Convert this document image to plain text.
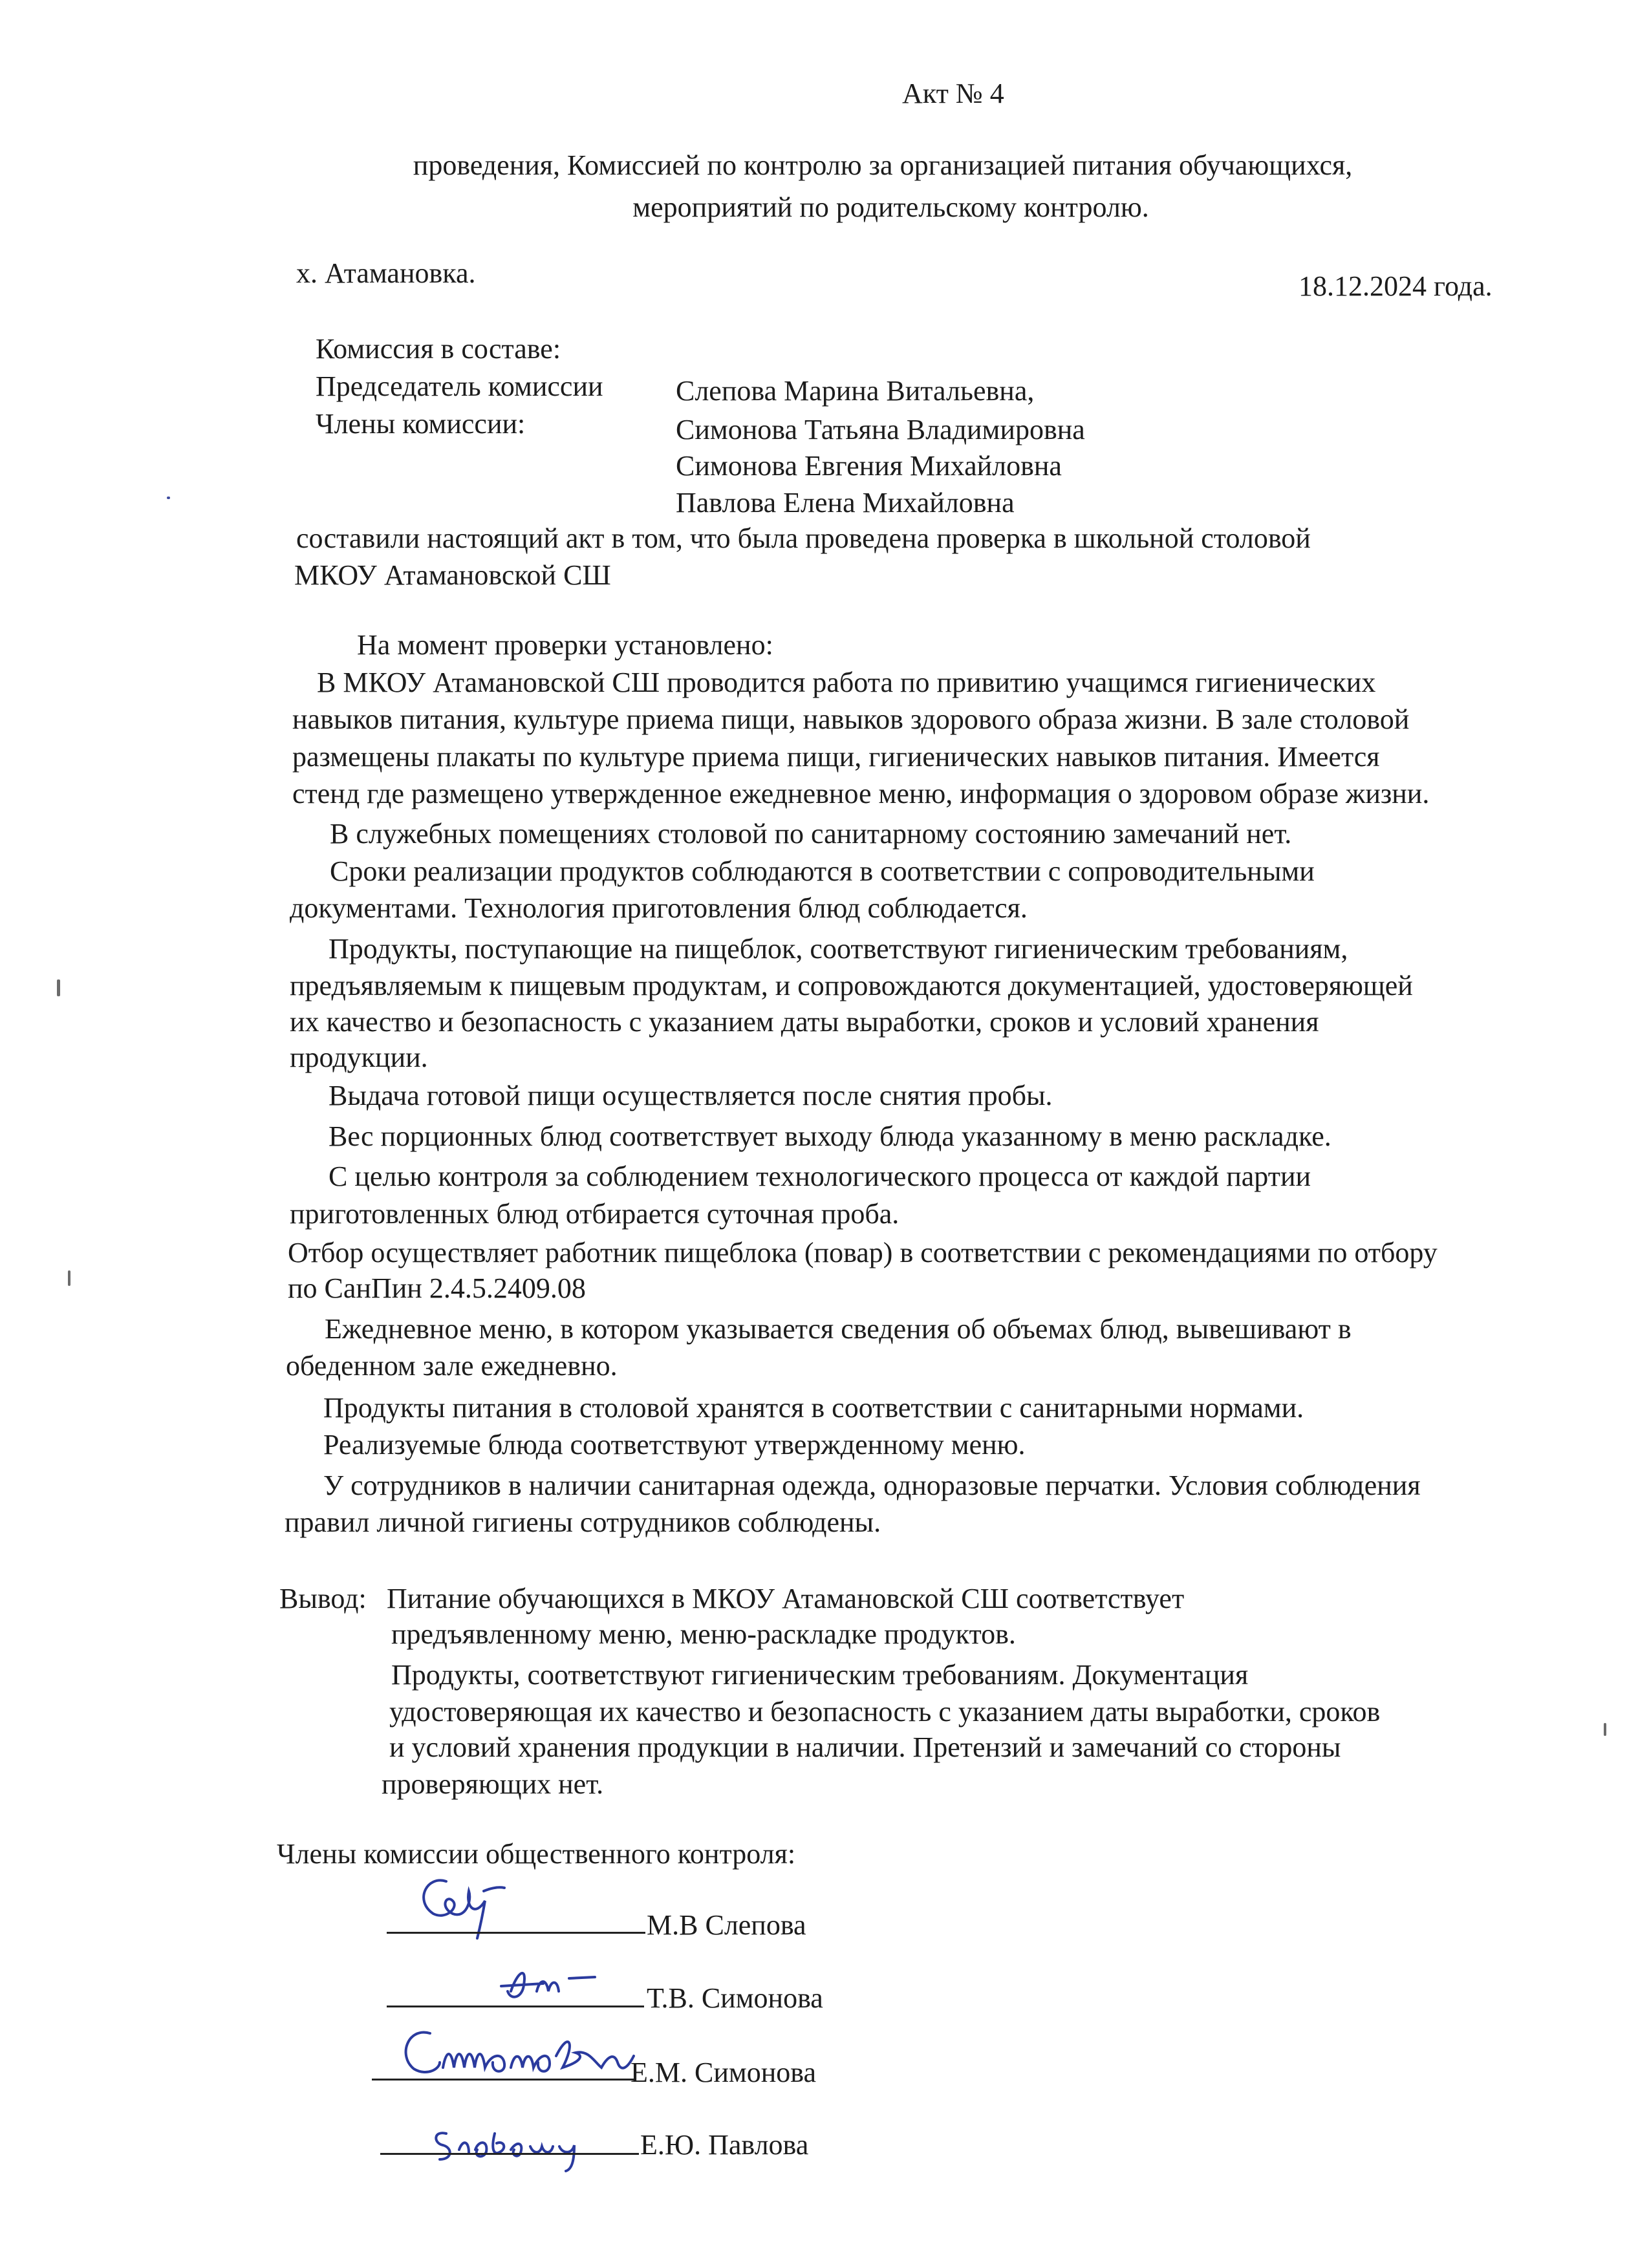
Акт № 4
проведения, Комиссией по контролю за организацией питания обучающихся,
мероприятий по родительскому контролю.
х. Атамановка.	18.12.2024 года.
Комиссия в составе:
Председатель комиссии	Слепова Марина Витальевна,
Члены комиссии:	Симонова Татьяна Владимировна
Симонова Евгения Михайловна
Павлова Елена Михайловна
составили настоящий акт в том, что была проведена проверка в школьной столовой
МКОУ Атамановской СШ
На момент проверки установлено:
В МКОУ Атамановской СШ проводится работа по привитию учащимся гигиенических
навыков питания, культуре приема пищи, навыков здорового образа жизни. В зале столовой
размещены плакаты по культуре приема пищи, гигиенических навыков питания. Имеется
стенд где размещено утвержденное ежедневное меню, информация о здоровом образе жизни.
В служебных помещениях столовой по санитарному состоянию замечаний нет.
Сроки реализации продуктов соблюдаются в соответствии с сопроводительными
документами. Технология приготовления блюд соблюдается.
Продукты, поступающие на пищеблок, соответствуют гигиеническим требованиям,
предъявляемым к пищевым продуктам, и сопровождаются документацией, удостоверяющей
их качество и безопасность с указанием даты выработки, сроков и условий хранения
продукции.
Выдача готовой пищи осуществляется после снятия пробы.
Вес порционных блюд соответствует выходу блюда указанному в меню раскладке.
С целью контроля за соблюдением технологического процесса от каждой партии
приготовленных блюд отбирается суточная проба.
Отбор осуществляет работник пищеблока (повар) в соответствии с рекомендациями по отбору
по СанПин 2.4.5.2409.08
Ежедневное меню, в котором указывается сведения об объемах блюд, вывешивают в
обеденном зале ежедневно.
Продукты питания в столовой хранятся в соответствии с санитарными нормами.
Реализуемые блюда соответствуют утвержденному меню.
У сотрудников в наличии санитарная одежда, одноразовые перчатки. Условия соблюдения
правил личной гигиены сотрудников соблюдены.
Вывод: Питание обучающихся в МКОУ Атамановской СШ соответствует
предъявленному меню, меню-раскладке продуктов.
Продукты, соответствуют гигиеническим требованиям. Документация
удостоверяющая их качество и безопасность с указанием даты выработки, сроков
и условий хранения продукции в наличии. Претензий и замечаний со стороны
проверяющих нет.
Члены комиссии общественного контроля:
М.В Слепова
Т.В. Симонова
Е.М. Симонова
Е.Ю. Павлова
